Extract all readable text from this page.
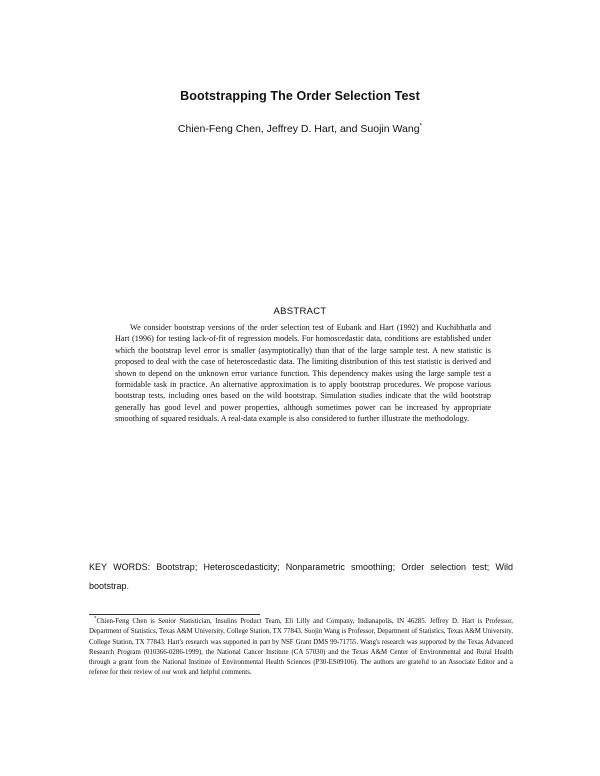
Bootstrapping The Order Selection Test
Chien-Feng Chen, Jeffrey D. Hart, and Suojin Wang*
ABSTRACT

We consider bootstrap versions of the order selection test of Eubank and Hart (1992) and Kuchibhatla and Hart (1996) for testing lack-of-fit of regression models. For homoscedastic data, conditions are established under which the bootstrap level error is smaller (asymptotically) than that of the large sample test. A new statistic is proposed to deal with the case of heteroscedastic data. The limiting distribution of this test statistic is derived and shown to depend on the unknown error variance function. This dependency makes using the large sample test a formidable task in practice. An alternative approximation is to apply bootstrap procedures. We propose various bootstrap tests, including ones based on the wild bootstrap. Simulation studies indicate that the wild bootstrap generally has good level and power properties, although sometimes power can be increased by appropriate smoothing of squared residuals. A real-data example is also considered to further illustrate the methodology.

KEY WORDS: Bootstrap; Heteroscedasticity; Nonparametric smoothing; Order selection test; Wild bootstrap.

*Chien-Feng Chen is Senior Statistician, Insulins Product Team, Eli Lilly and Company, Indianapolis, IN 46285. Jeffrey D. Hart is Professor, Department of Statistics, Texas A&M University, College Station, TX 77843. Suojin Wang is Professor, Department of Statistics, Texas A&M University, College Station, TX 77843. Hart's research was supported in part by NSF Grant DMS 99-71755. Wang's research was supported by the Texas Advanced Research Program (010366-0286-1999), the National Cancer Institute (CA 57030) and the Texas A&M Center of Environmental and Rural Health through a grant from the National Institute of Environmental Health Sciences (P30-ES09106). The authors are grateful to an Associate Editor and a referee for their review of our work and helpful comments.
